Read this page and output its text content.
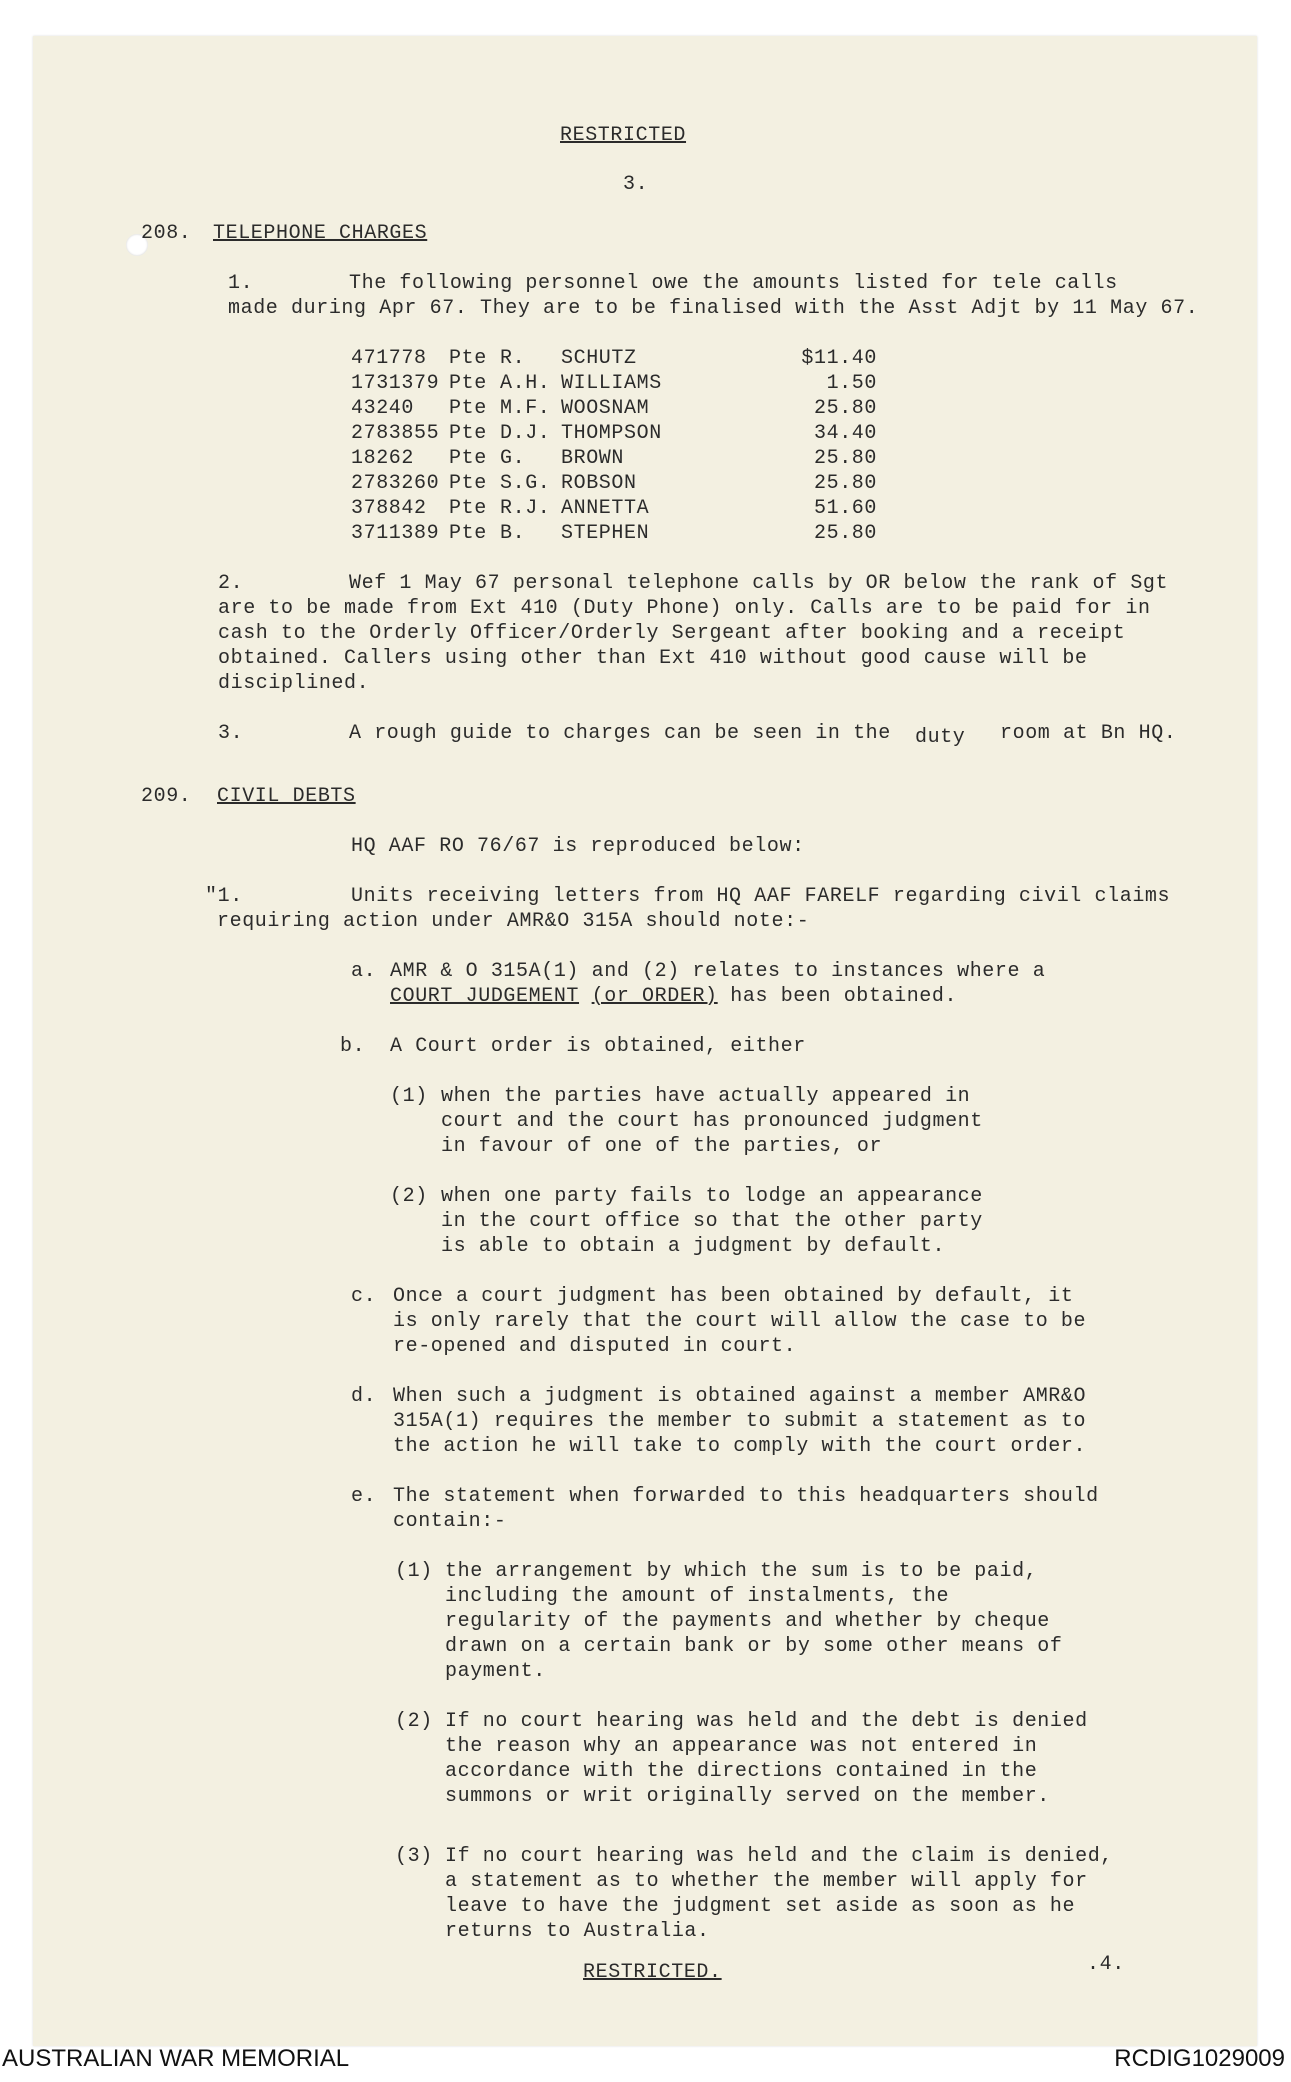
RESTRICTED
3.
208. TELEPHONE CHARGES
1.	The following personnel owe the amounts listed for tele calls
made during Apr 67. They are to be finalised with the Asst Adjt by 11 May 67.
471778 Pte R. SCHUTZ	$11.40
1731379 Pte A.H. WILLIAMS	1.50
43240 Pte M.F. WOOSNAM	25.80
2783855 Pte D.J. THOMPSON	34.40
18262 Pte G. BROWN	25.80
2783260 Pte S.G. ROBSON	25.80
378842 Pte R.J. ANNETTA	51.60
3711389 Pte B. STEPHEN	25.80
2.	Wef 1 May 67 personal telephone calls by OR below the rank of Sgt
are to be made from Ext 410 (Duty Phone) only. Calls are to be paid for in
cash to the Orderly Officer/Orderly Sergeant after booking and a receipt
obtained. Callers using other than Ext 410 without good cause will be
disciplined.
3.	A rough guide to charges can be seen in the duty room at Bn HQ.
209. CIVIL DEBTS
HQ AAF RO 76/67 is reproduced below:
"1.	Units receiving letters from HQ AAF FARELF regarding civil claims
requiring action under AMR&O 315A should note:-
a. AMR & O 315A(1) and (2) relates to instances where a
COURT JUDGEMENT (or ORDER) has been obtained.
b. A Court order is obtained, either
(1) when the parties have actually appeared in
court and the court has pronounced judgment
in favour of one of the parties, or
(2) when one party fails to lodge an appearance
in the court office so that the other party
is able to obtain a judgment by default.
c. Once a court judgment has been obtained by default, it
is only rarely that the court will allow the case to be
re-opened and disputed in court.
d. When such a judgment is obtained against a member AMR&O
315A(1) requires the member to submit a statement as to
the action he will take to comply with the court order.
e. The statement when forwarded to this headquarters should
contain:-
(1) the arrangement by which the sum is to be paid,
including the amount of instalments, the
regularity of the payments and whether by cheque
drawn on a certain bank or by some other means of
payment.
(2) If no court hearing was held and the debt is denied
the reason why an appearance was not entered in
accordance with the directions contained in the
summons or writ originally served on the member.
(3) If no court hearing was held and the claim is denied,
a statement as to whether the member will apply for
leave to have the judgment set aside as soon as he
returns to Australia.
RESTRICTED.	.4.
AUSTRALIAN WAR MEMORIAL	RCDIG1029009
